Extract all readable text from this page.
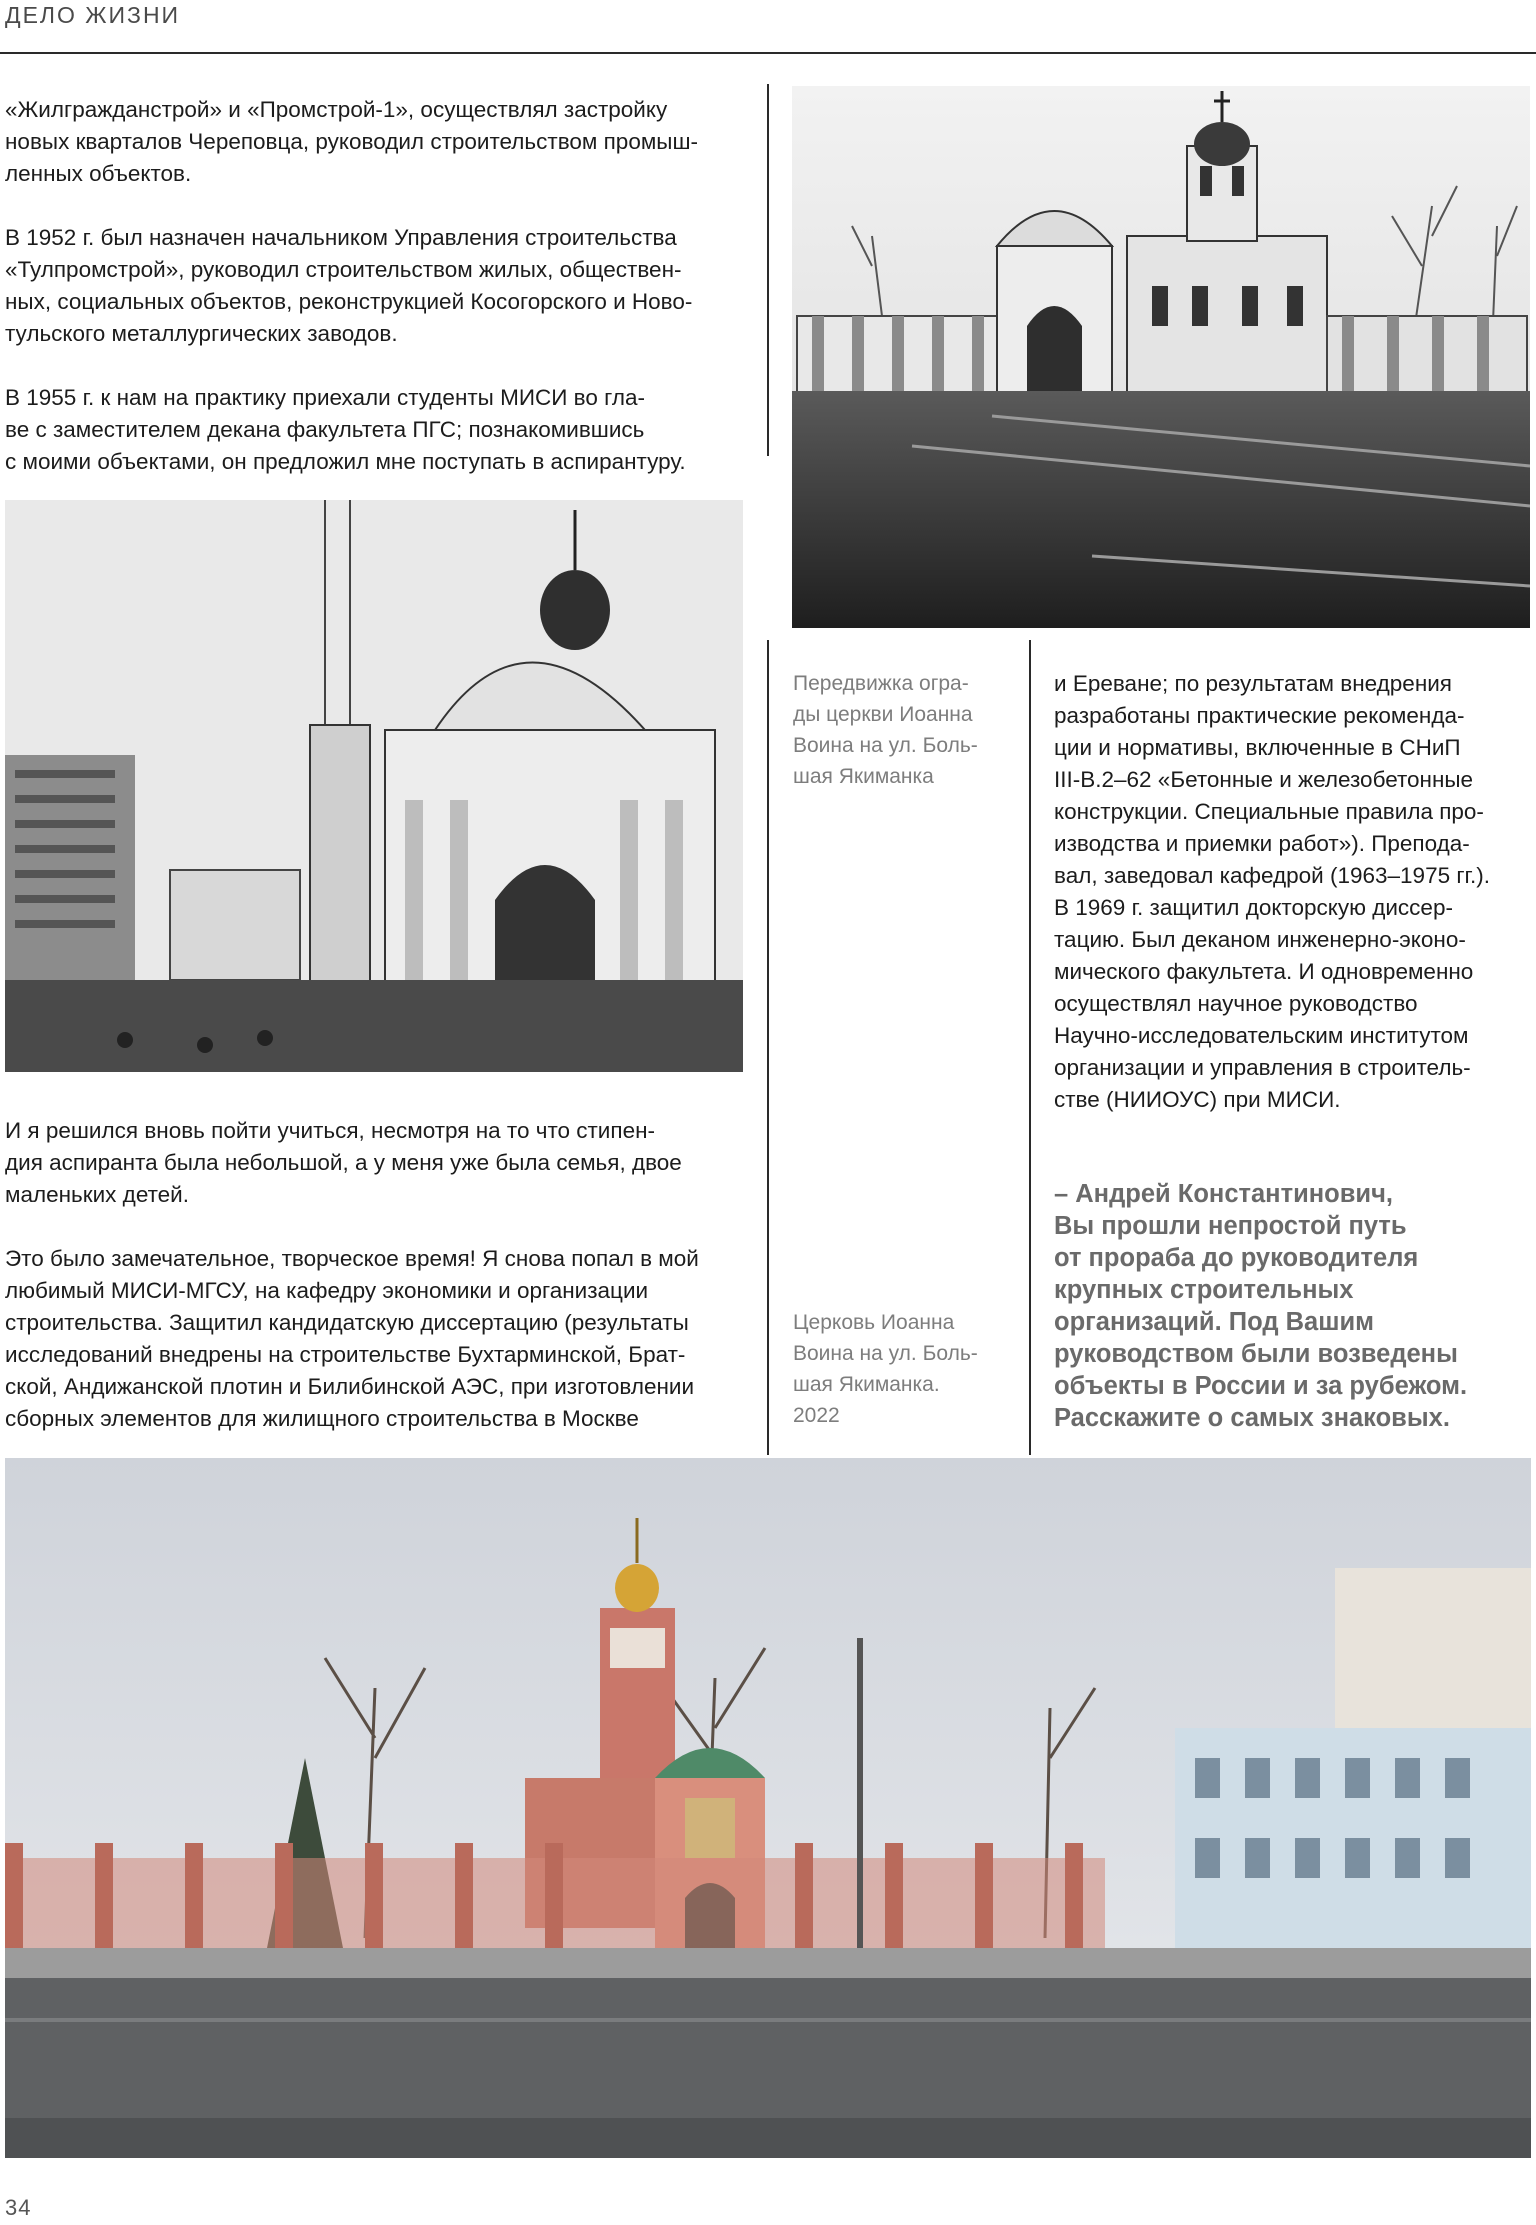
ДЕЛО ЖИЗНИ

«Жилгражданстрой» и «Промстрой-1», осуществлял застройку
новых кварталов Череповца, руководил строительством промыш-
ленных объектов.

В 1952 г. был назначен начальником Управления строительства
«Тулпромстрой», руководил строительством жилых, обществен-
ных, социальных объектов, реконструкцией Косогорского и Ново-
тульского металлургических заводов.

В 1955 г. к нам на практику приехали студенты МИСИ во гла-
ве с заместителем декана факультета ПГС; познакомившись
с моими объектами, он предложил мне поступать в аспирантуру.

Передвижка огра-
ды церкви Иоанна
Воина на ул. Боль-
шая Якиманка

и Ереване; по результатам внедрения
разработаны практические рекоменда-
ции и нормативы, включенные в СНиП
III-В.2–62 «Бетонные и железобетонные
конструкции. Специальные правила про-
изводства и приемки работ»). Препода-
вал, заведовал кафедрой (1963–1975 гг.).
В 1969 г. защитил докторскую диссер-
тацию. Был деканом инженерно-эконо-
мического факультета. И одновременно
осуществлял научное руководство
Научно-исследовательским институтом
организации и управления в строитель-
стве (НИИОУС) при МИСИ.

И я решился вновь пойти учиться, несмотря на то что стипен-
дия аспиранта была небольшой, а у меня уже была семья, двое
маленьких детей.

Это было замечательное, творческое время! Я снова попал в мой
любимый МИСИ-МГСУ, на кафедру экономики и организации
строительства. Защитил кандидатскую диссертацию (результаты
исследований внедрены на строительстве Бухтарминской, Брат-
ской, Андижанской плотин и Билибинской АЭС, при изготовлении
сборных элементов для жилищного строительства в Москве

– Андрей Константинович,
Вы прошли непростой путь
от прораба до руководителя
крупных строительных
организаций. Под Вашим
руководством были возведены
объекты в России и за рубежом.
Расскажите о самых знаковых.
Церковь Иоанна
Воина на ул. Боль-
шая Якиманка.
2022
34
